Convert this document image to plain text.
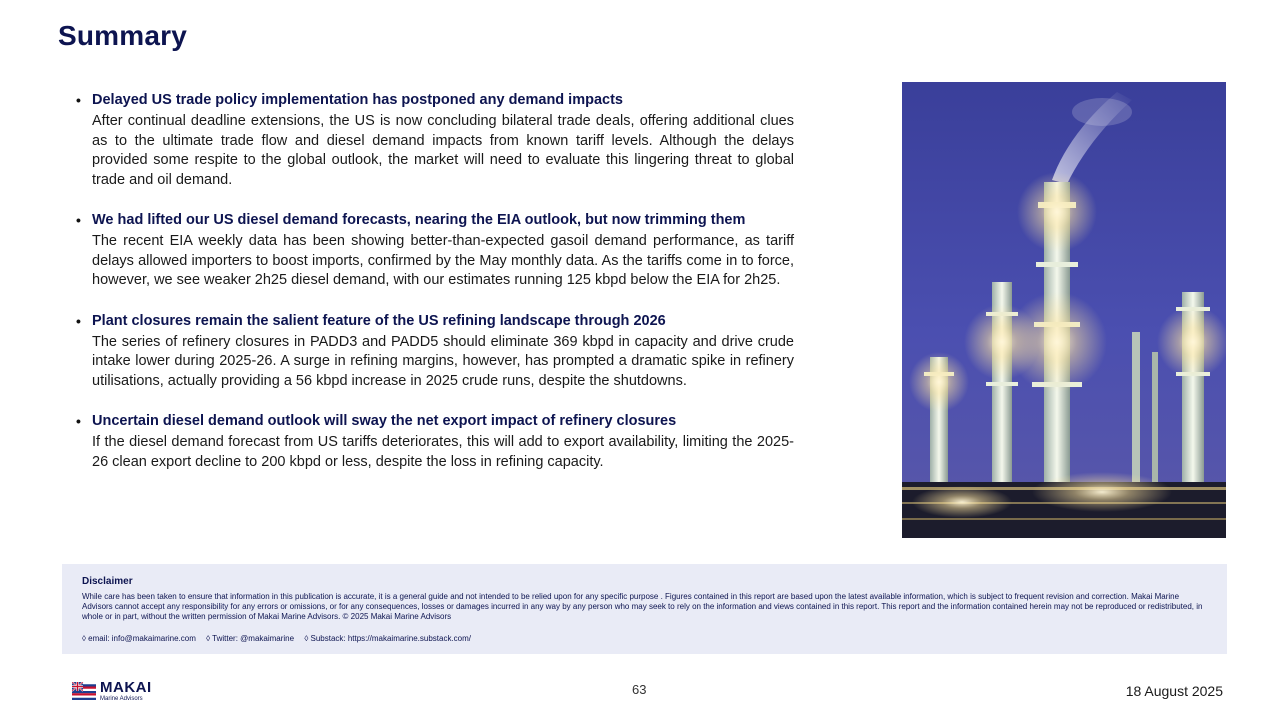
Summary
• Delayed US trade policy implementation has postponed any demand impacts
After continual deadline extensions, the US is now concluding bilateral trade deals, offering additional clues as to the ultimate trade flow and diesel demand impacts from known tariff levels. Although the delays provided some respite to the global outlook, the market will need to evaluate this lingering threat to global trade and oil demand.
• We had lifted our US diesel demand forecasts, nearing the EIA outlook, but now trimming them
The recent EIA weekly data has been showing better-than-expected gasoil demand performance, as tariff delays allowed importers to boost imports, confirmed by the May monthly data. As the tariffs come in to force, however, we see weaker 2h25 diesel demand, with our estimates running 125 kbpd below the EIA for 2h25.
• Plant closures remain the salient feature of the US refining landscape through 2026
The series of refinery closures in PADD3 and PADD5 should eliminate 369 kbpd in capacity and drive crude intake lower during 2025-26. A surge in refining margins, however, has prompted a dramatic spike in refinery utilisations, actually providing a 56 kbpd increase in 2025 crude runs, despite the shutdowns.
• Uncertain diesel demand outlook will sway the net export impact of refinery closures
If the diesel demand forecast from US tariffs deteriorates, this will add to export availability, limiting the 2025-26 clean export decline to 200 kbpd or less, despite the loss in refining capacity.
Disclaimer
While care has been taken to ensure that information in this publication is accurate, it is a general guide and not intended to be relied upon for any specific purpose . Figures contained in this report are based upon the latest available information, which is subject to frequent revision and correction. Makai Marine Advisors cannot accept any responsibility for any errors or omissions, or for any consequences, losses or damages incurred in any way by any person who may seek to rely on the information and views contained in this report. This report and the information contained herein may not be reproduced or redistributed, in whole or in part, without the written permission of Makai Marine Advisors. © 2025 Makai Marine Advisors
◊ email: info@makaimarine.com ◊ Twitter: @makaimarine ◊ Substack: https://makaimarine.substack.com/
MAKAI
Marine Advisors
63	18 August 2025
